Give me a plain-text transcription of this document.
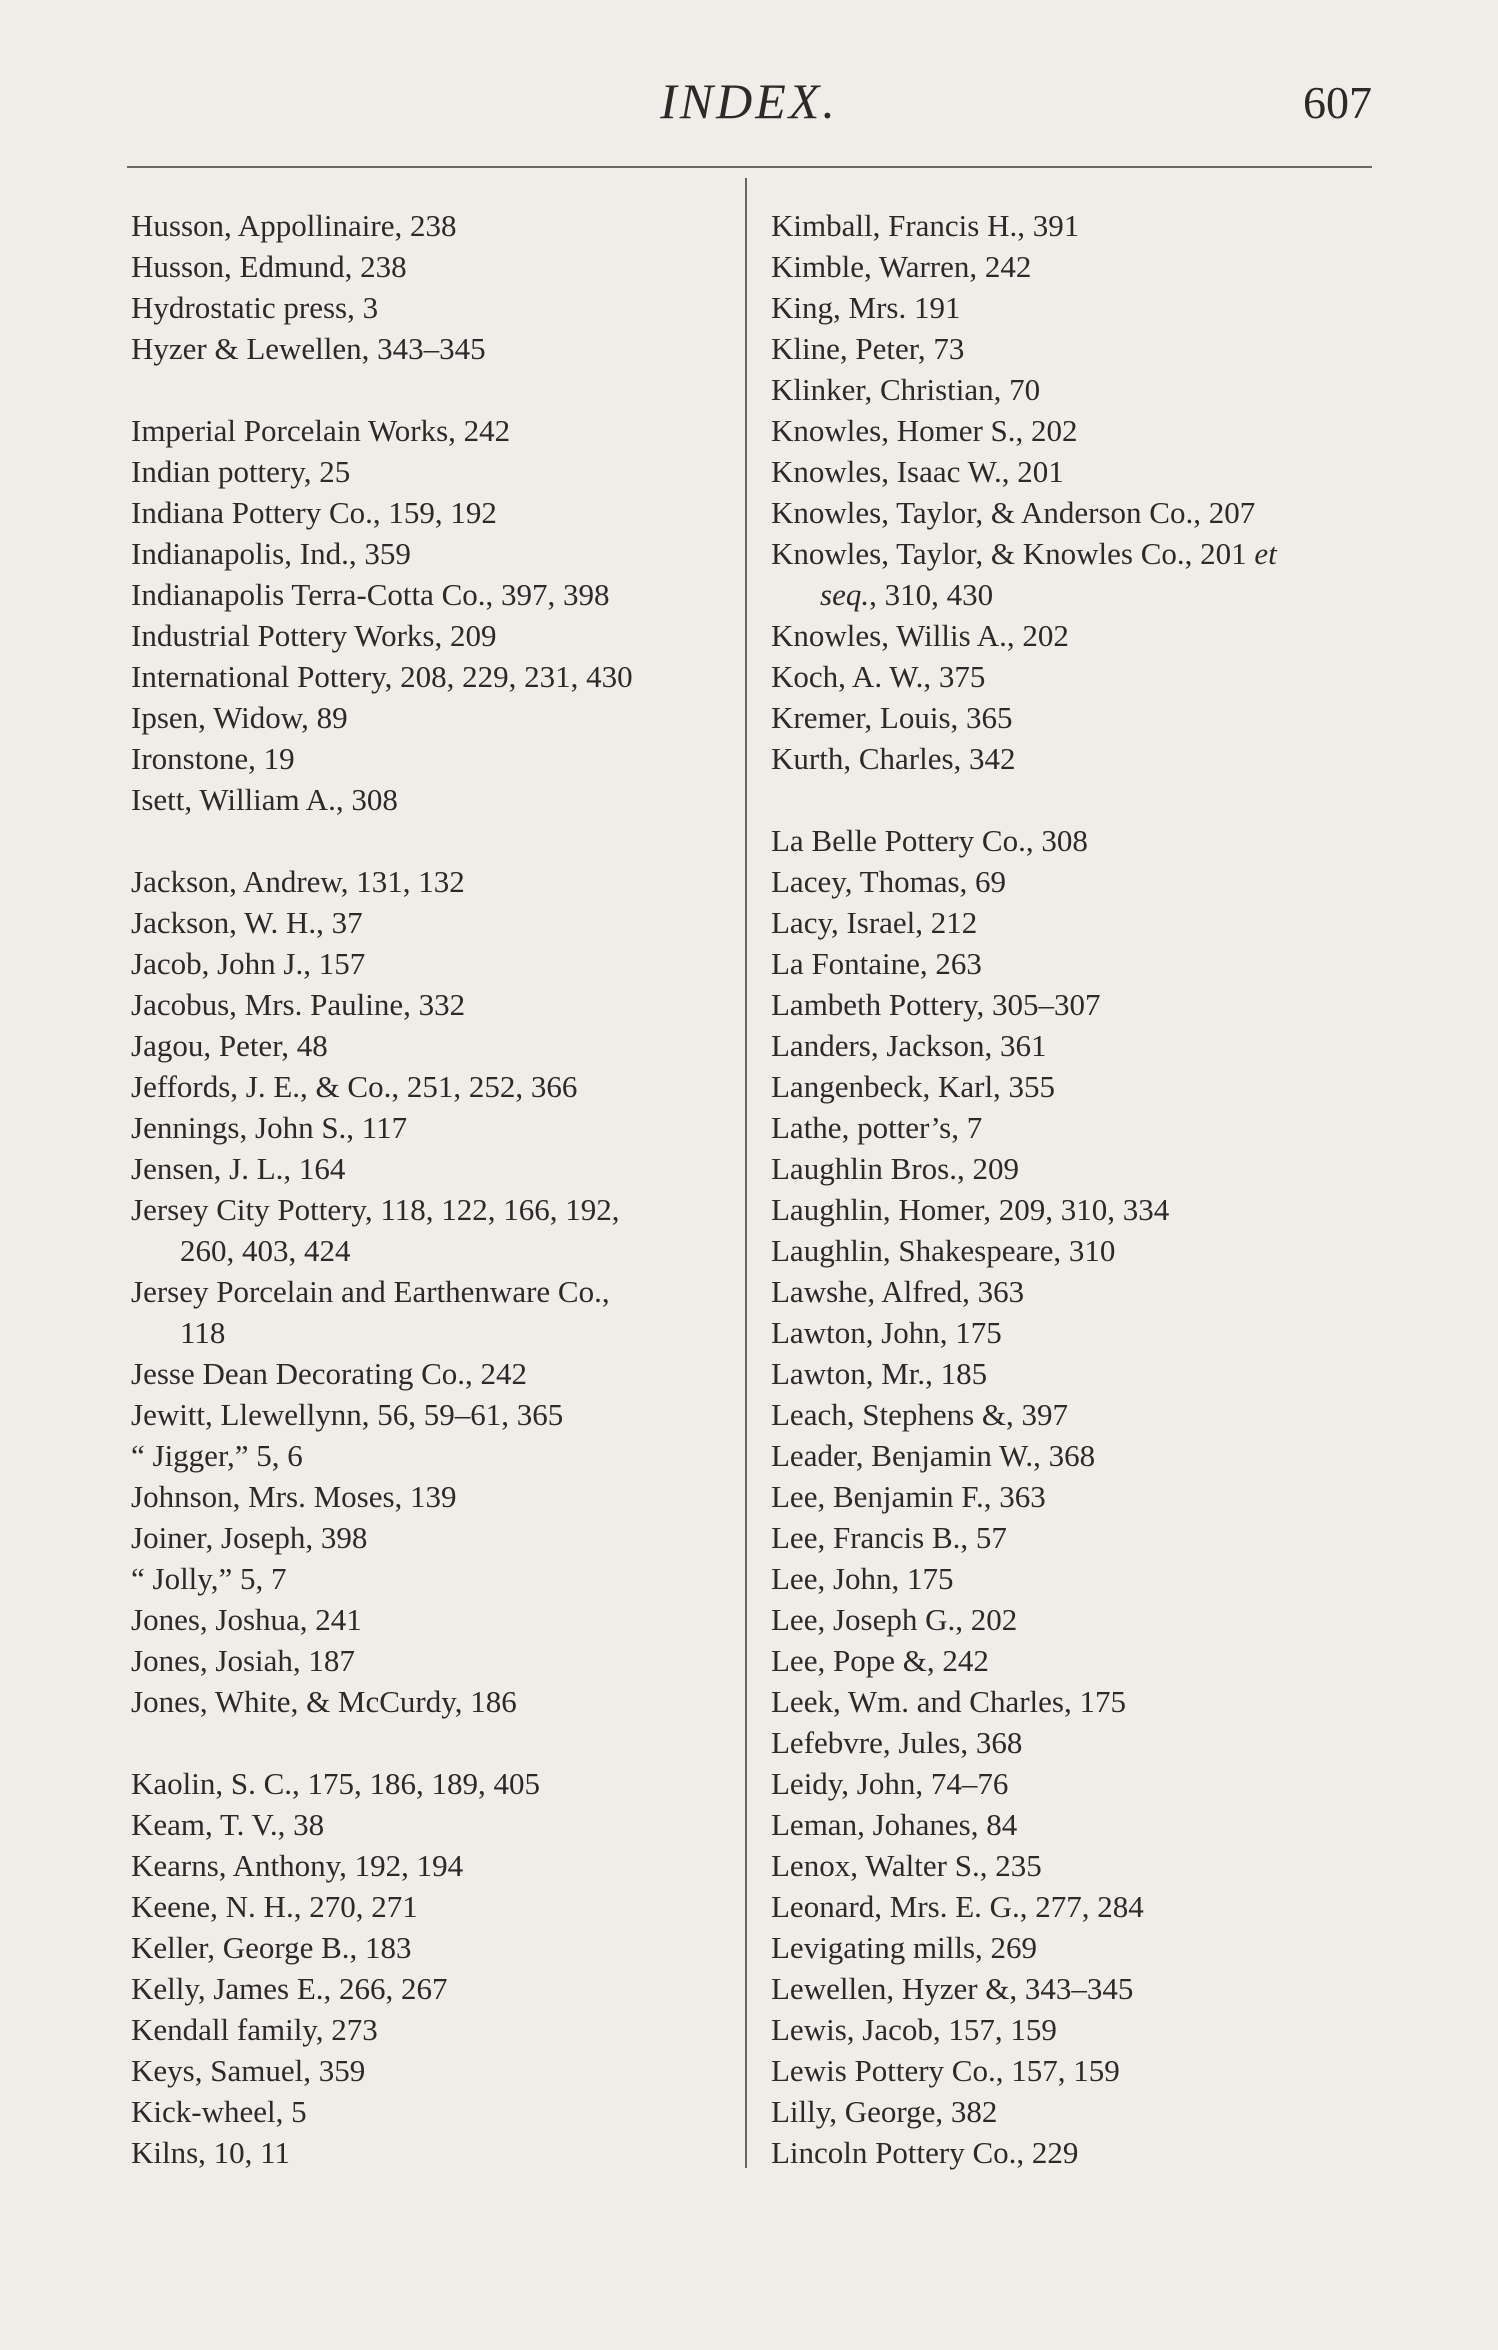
INDEX.	607
Husson, Appollinaire, 238
Husson, Edmund, 238
Hydrostatic press, 3
Hyzer & Lewellen, 343–345
Imperial Porcelain Works, 242
Indian pottery, 25
Indiana Pottery Co., 159, 192
Indianapolis, Ind., 359
Indianapolis Terra-Cotta Co., 397, 398
Industrial Pottery Works, 209
International Pottery, 208, 229, 231, 430
Ipsen, Widow, 89
Ironstone, 19
Isett, William A., 308
Jackson, Andrew, 131, 132
Jackson, W. H., 37
Jacob, John J., 157
Jacobus, Mrs. Pauline, 332
Jagou, Peter, 48
Jeffords, J. E., & Co., 251, 252, 366
Jennings, John S., 117
Jensen, J. L., 164
Jersey City Pottery, 118, 122, 166, 192,
260, 403, 424
Jersey Porcelain and Earthenware Co.,
118
Jesse Dean Decorating Co., 242
Jewitt, Llewellynn, 56, 59–61, 365
“ Jigger,” 5, 6
Johnson, Mrs. Moses, 139
Joiner, Joseph, 398
“ Jolly,” 5, 7
Jones, Joshua, 241
Jones, Josiah, 187
Jones, White, & McCurdy, 186
Kaolin, S. C., 175, 186, 189, 405
Keam, T. V., 38
Kearns, Anthony, 192, 194
Keene, N. H., 270, 271
Keller, George B., 183
Kelly, James E., 266, 267
Kendall family, 273
Keys, Samuel, 359
Kick-wheel, 5
Kilns, 10, 11
Kimball, Francis H., 391
Kimble, Warren, 242
King, Mrs. 191
Kline, Peter, 73
Klinker, Christian, 70
Knowles, Homer S., 202
Knowles, Isaac W., 201
Knowles, Taylor, & Anderson Co., 207
Knowles, Taylor, & Knowles Co., 201 et
seq., 310, 430
Knowles, Willis A., 202
Koch, A. W., 375
Kremer, Louis, 365
Kurth, Charles, 342
La Belle Pottery Co., 308
Lacey, Thomas, 69
Lacy, Israel, 212
La Fontaine, 263
Lambeth Pottery, 305–307
Landers, Jackson, 361
Langenbeck, Karl, 355
Lathe, potter’s, 7
Laughlin Bros., 209
Laughlin, Homer, 209, 310, 334
Laughlin, Shakespeare, 310
Lawshe, Alfred, 363
Lawton, John, 175
Lawton, Mr., 185
Leach, Stephens &, 397
Leader, Benjamin W., 368
Lee, Benjamin F., 363
Lee, Francis B., 57
Lee, John, 175
Lee, Joseph G., 202
Lee, Pope &, 242
Leek, Wm. and Charles, 175
Lefebvre, Jules, 368
Leidy, John, 74–76
Leman, Johanes, 84
Lenox, Walter S., 235
Leonard, Mrs. E. G., 277, 284
Levigating mills, 269
Lewellen, Hyzer &, 343–345
Lewis, Jacob, 157, 159
Lewis Pottery Co., 157, 159
Lilly, George, 382
Lincoln Pottery Co., 229
